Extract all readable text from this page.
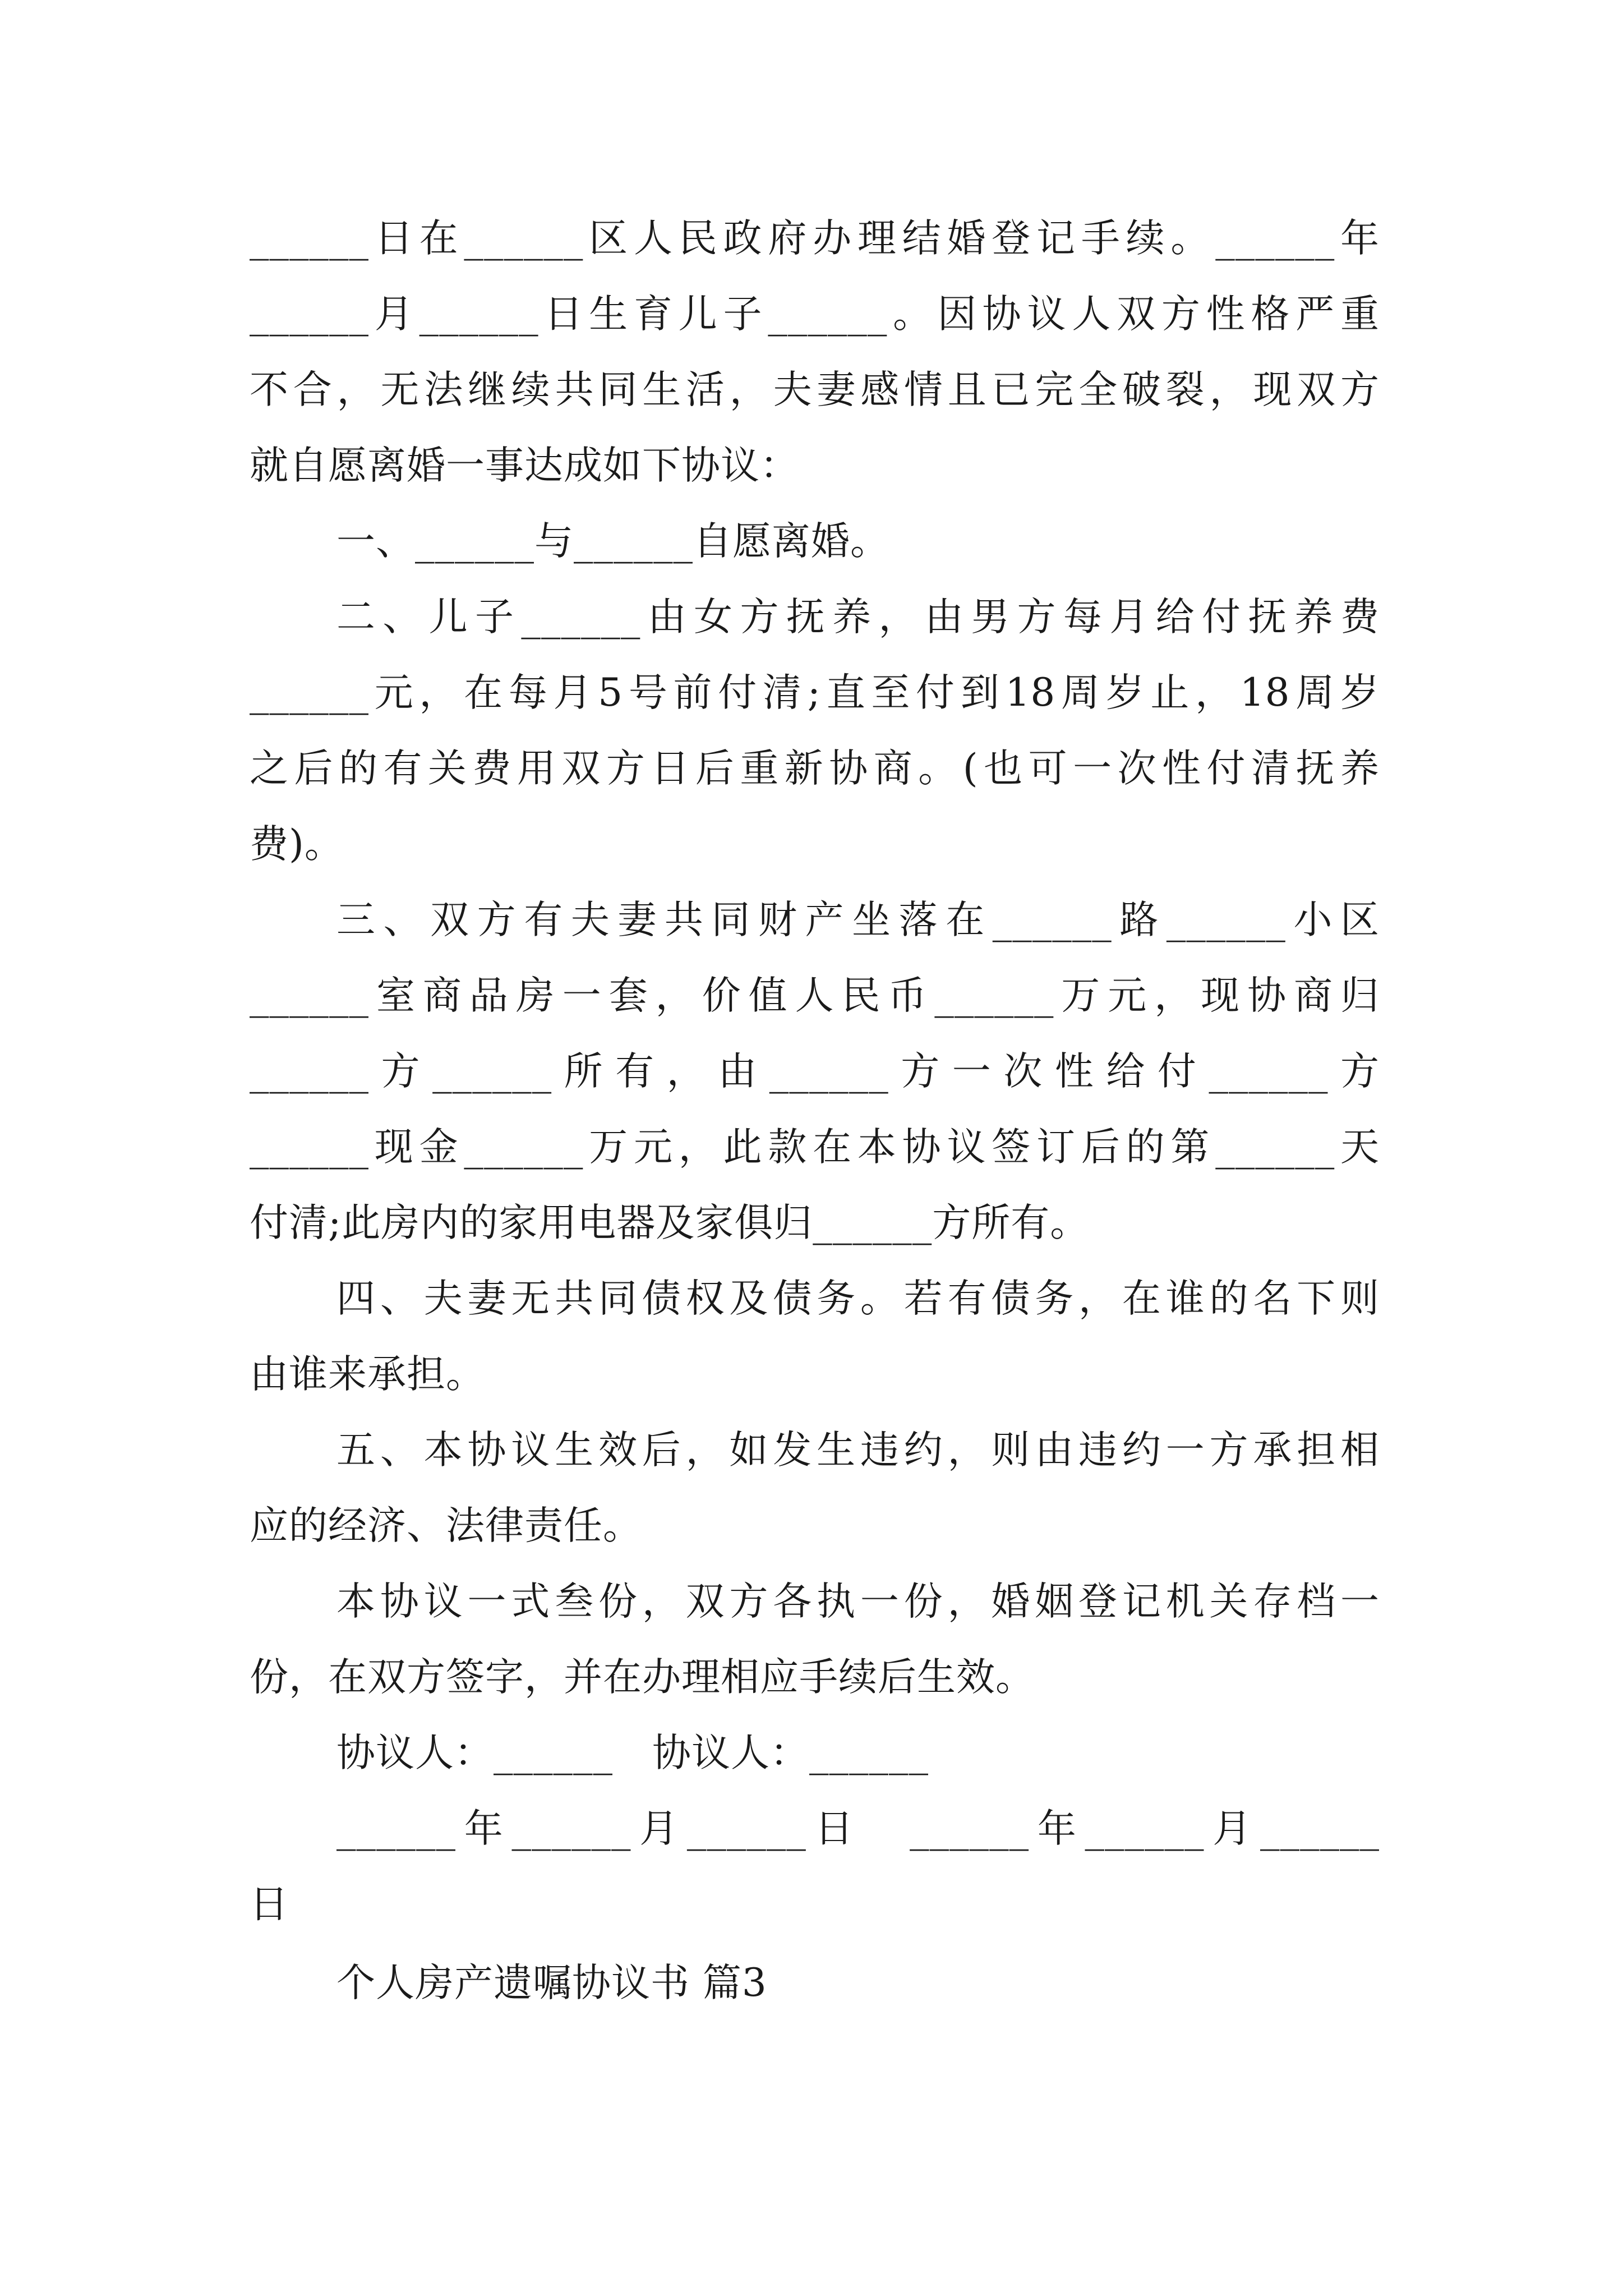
______日在______区人民政府办理结婚登记手续。______年
______月______日生育儿子______。因协议人双方性格严重
不合，无法继续共同生活，夫妻感情且已完全破裂，现双方
就自愿离婚一事达成如下协议：
一、______与______自愿离婚。
二、儿子______由女方抚养，由男方每月给付抚养费
______元，在每月5号前付清;直至付到18周岁止，18周岁
之后的有关费用双方日后重新协商。(也可一次性付清抚养
费)。
三、双方有夫妻共同财产坐落在______路______小区
______室商品房一套，价值人民币______万元，现协商归
______方______所有，由______方一次性给付______方
______现金______万元，此款在本协议签订后的第______天
付清;此房内的家用电器及家俱归______方所有。
四、夫妻无共同债权及债务。若有债务，在谁的名下则
由谁来承担。
五、本协议生效后，如发生违约，则由违约一方承担相
应的经济、法律责任。
本协议一式叁份，双方各执一份，婚姻登记机关存档一
份，在双方签字，并在办理相应手续后生效。
协议人：______　协议人：______
______年______月______日　______年______月______
日
个人房产遗嘱协议书 篇3
